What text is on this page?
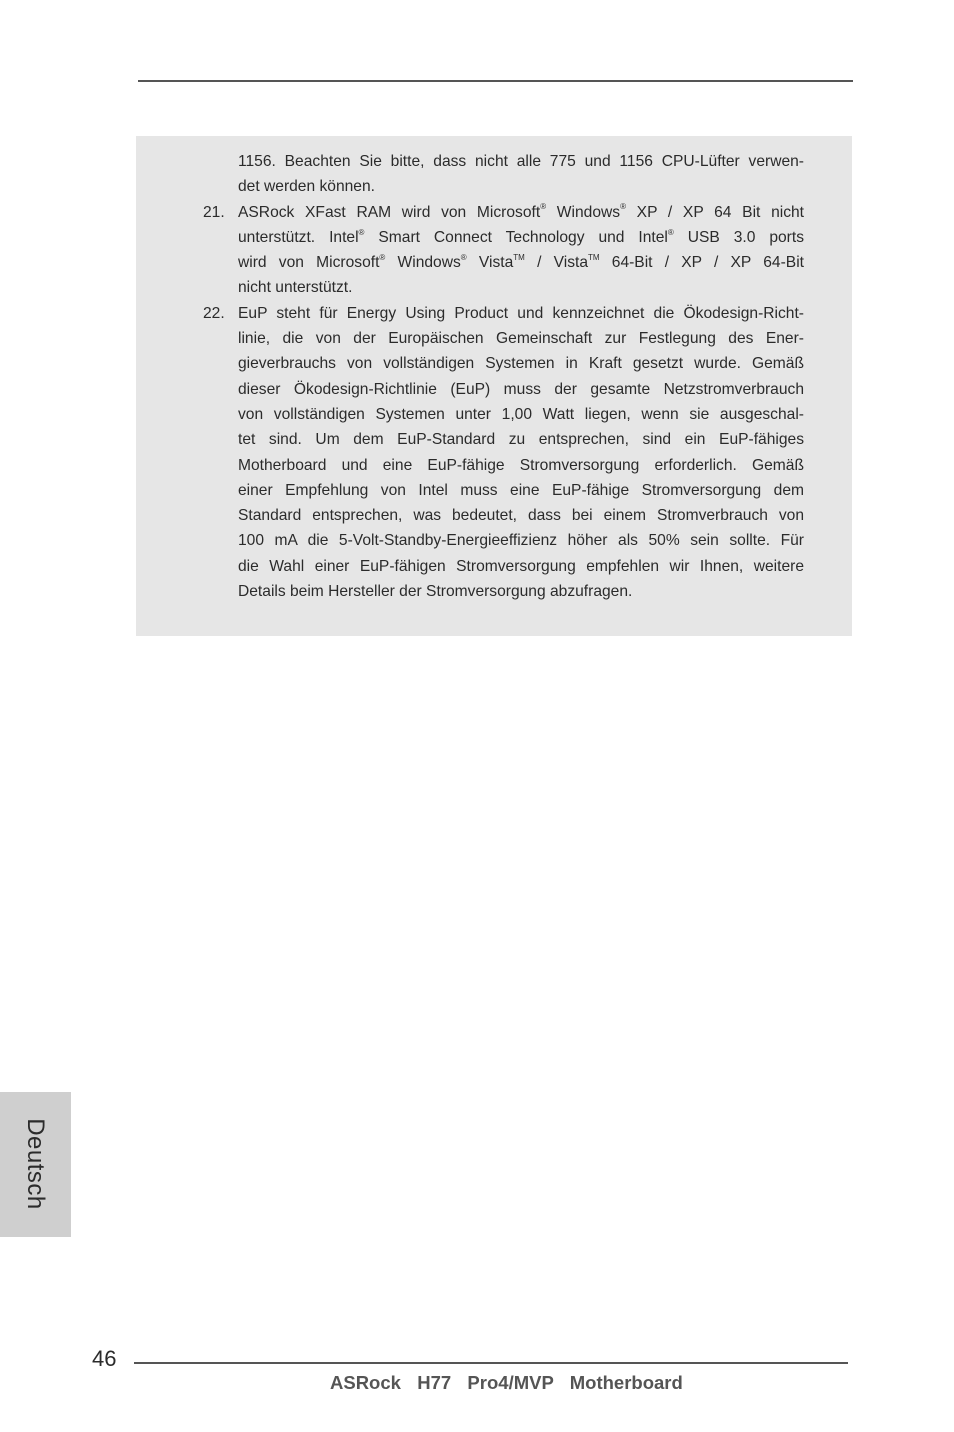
1156. Beachten Sie bitte, dass nicht alle 775 und 1156 CPU-Lüfter verwen-
det werden können.
21. ASRock XFast RAM wird von Microsoft® Windows® XP / XP 64 Bit nicht
unterstützt. Intel® Smart Connect Technology und Intel® USB 3.0 ports
wird von Microsoft® Windows® Vista™ / Vista™ 64-Bit / XP / XP 64-Bit
nicht unterstützt.
22. EuP steht für Energy Using Product und kennzeichnet die Ökodesign-Richt-
linie, die von der Europäischen Gemeinschaft zur Festlegung des Ener-
gieverbrauchs von vollständigen Systemen in Kraft gesetzt wurde. Gemäß
dieser Ökodesign-Richtlinie (EuP) muss der gesamte Netzstromverbrauch
von vollständigen Systemen unter 1,00 Watt liegen, wenn sie ausgeschal-
tet sind. Um dem EuP-Standard zu entsprechen, sind ein EuP-fähiges
Motherboard und eine EuP-fähige Stromversorgung erforderlich. Gemäß
einer Empfehlung von Intel muss eine EuP-fähige Stromversorgung dem
Standard entsprechen, was bedeutet, dass bei einem Stromverbrauch von
100 mA die 5-Volt-Standby-Energieeffizienz höher als 50% sein sollte. Für
die Wahl einer EuP-fähigen Stromversorgung empfehlen wir Ihnen, weitere
Details beim Hersteller der Stromversorgung abzufragen.
Deutsch
46
ASRock  H77  Pro4/MVP  Motherboard
